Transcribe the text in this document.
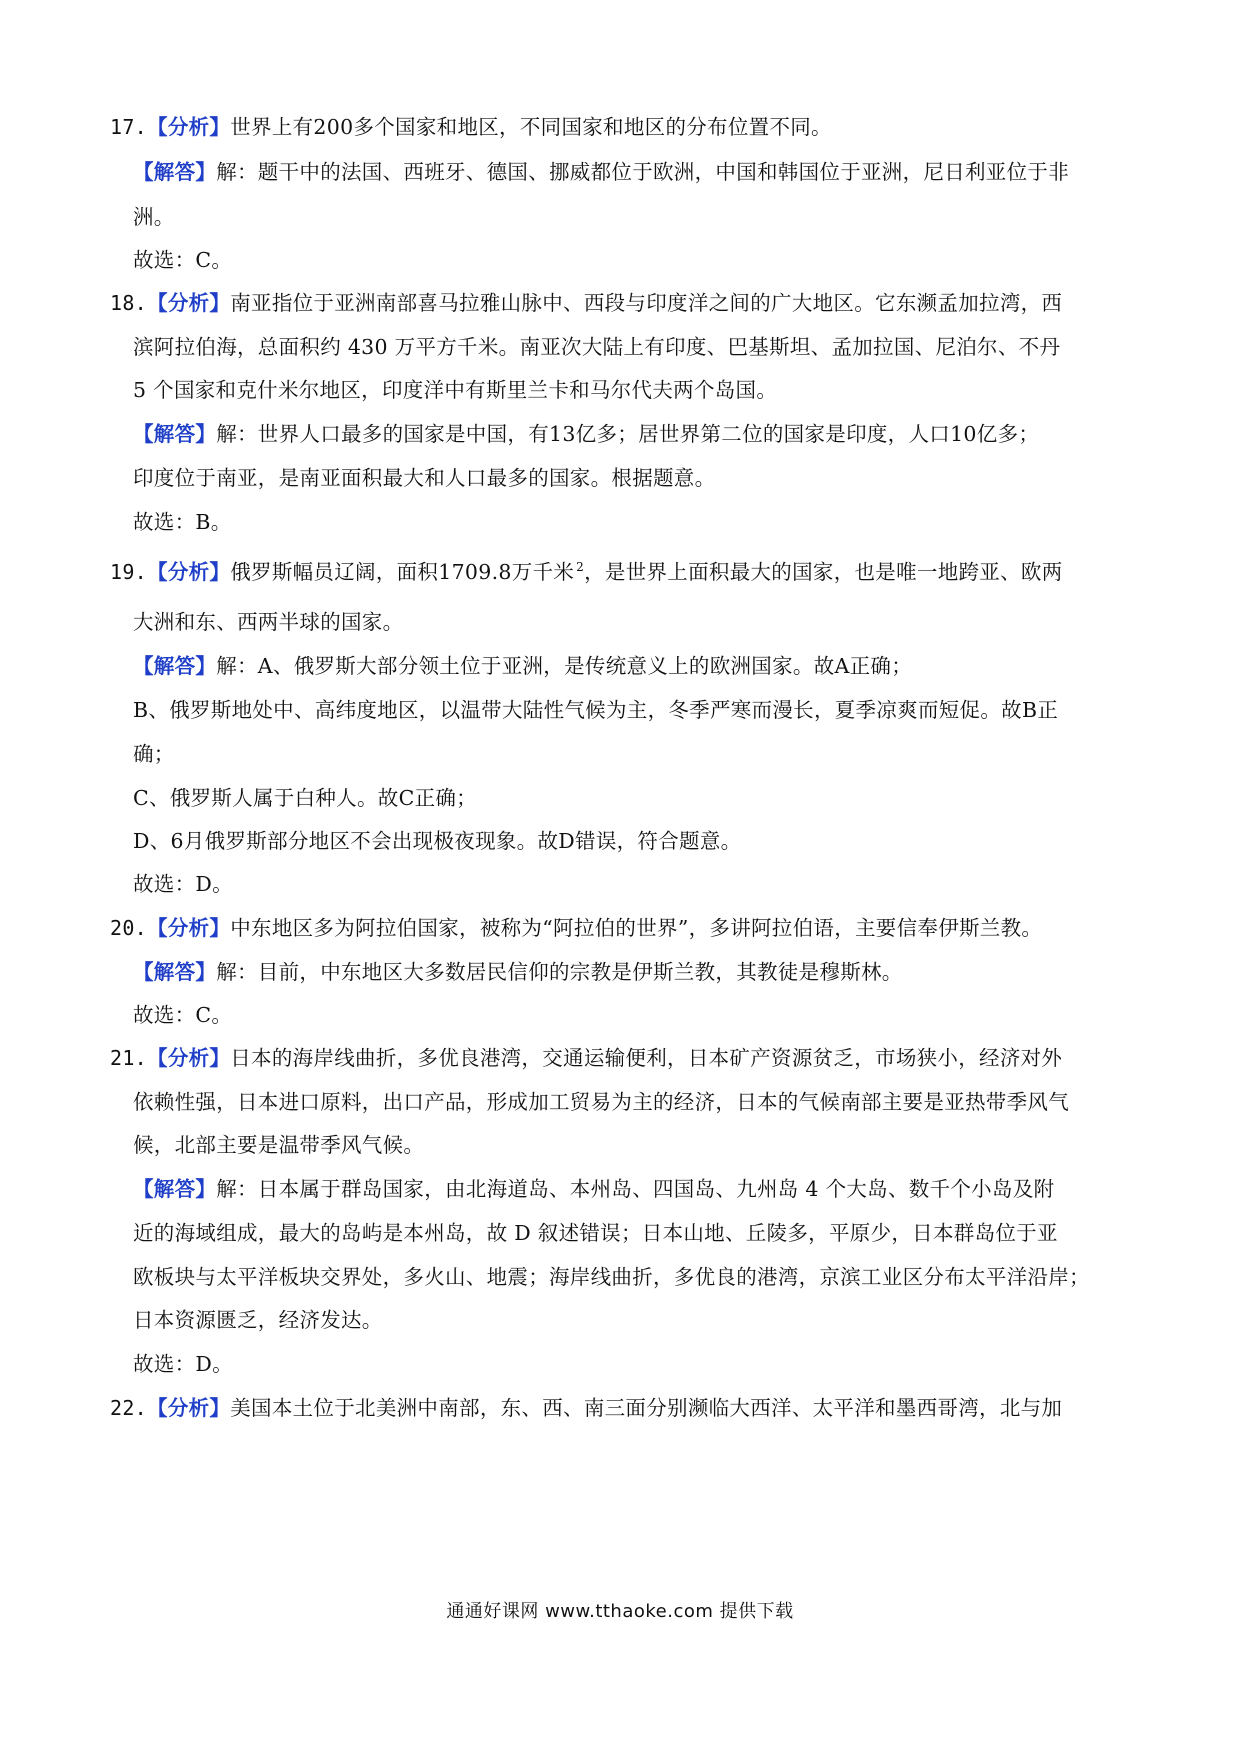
17.【分析】世界上有200多个国家和地区，不同国家和地区的分布位置不同。
【解答】解：题干中的法国、西班牙、德国、挪威都位于欧洲，中国和韩国位于亚洲，尼日利亚位于非
洲。
故选：C。
18.【分析】南亚指位于亚洲南部喜马拉雅山脉中、西段与印度洋之间的广大地区。它东濒孟加拉湾，西
滨阿拉伯海，总面积约 430 万平方千米。南亚次大陆上有印度、巴基斯坦、孟加拉国、尼泊尔、不丹
5 个国家和克什米尔地区，印度洋中有斯里兰卡和马尔代夫两个岛国。
【解答】解：世界人口最多的国家是中国，有13亿多；居世界第二位的国家是印度，人口10亿多；
印度位于南亚，是南亚面积最大和人口最多的国家。根据题意。
故选：B。
19.【分析】俄罗斯幅员辽阔，面积1709.8万千米 $^2$，是世界上面积最大的国家，也是唯一地跨亚、欧两
大洲和东、西两半球的国家。
【解答】解：A、俄罗斯大部分领土位于亚洲，是传统意义上的欧洲国家。故A正确；
B、俄罗斯地处中、高纬度地区，以温带大陆性气候为主，冬季严寒而漫长，夏季凉爽而短促。故B正
确；
C、俄罗斯人属于白种人。故C正确；
D、6月俄罗斯部分地区不会出现极夜现象。故D错误，符合题意。
故选：D。
20.【分析】中东地区多为阿拉伯国家，被称为“阿拉伯的世界”，多讲阿拉伯语，主要信奉伊斯兰教。
【解答】解：目前，中东地区大多数居民信仰的宗教是伊斯兰教，其教徒是穆斯林。
故选：C。
21.【分析】日本的海岸线曲折，多优良港湾，交通运输便利，日本矿产资源贫乏，市场狭小，经济对外
依赖性强，日本进口原料，出口产品，形成加工贸易为主的经济，日本的气候南部主要是亚热带季风气
候，北部主要是温带季风气候。
【解答】解：日本属于群岛国家，由北海道岛、本州岛、四国岛、九州岛 4 个大岛、数千个小岛及附
近的海域组成，最大的岛屿是本州岛，故 D 叙述错误；日本山地、丘陵多，平原少，日本群岛位于亚
欧板块与太平洋板块交界处，多火山、地震；海岸线曲折，多优良的港湾，京滨工业区分布太平洋沿岸；
日本资源匮乏，经济发达。
故选：D。
22.【分析】美国本土位于北美洲中南部，东、西、南三面分别濒临大西洋、太平洋和墨西哥湾，北与加
通通好课网 www.tthaoke.com 提供下载
